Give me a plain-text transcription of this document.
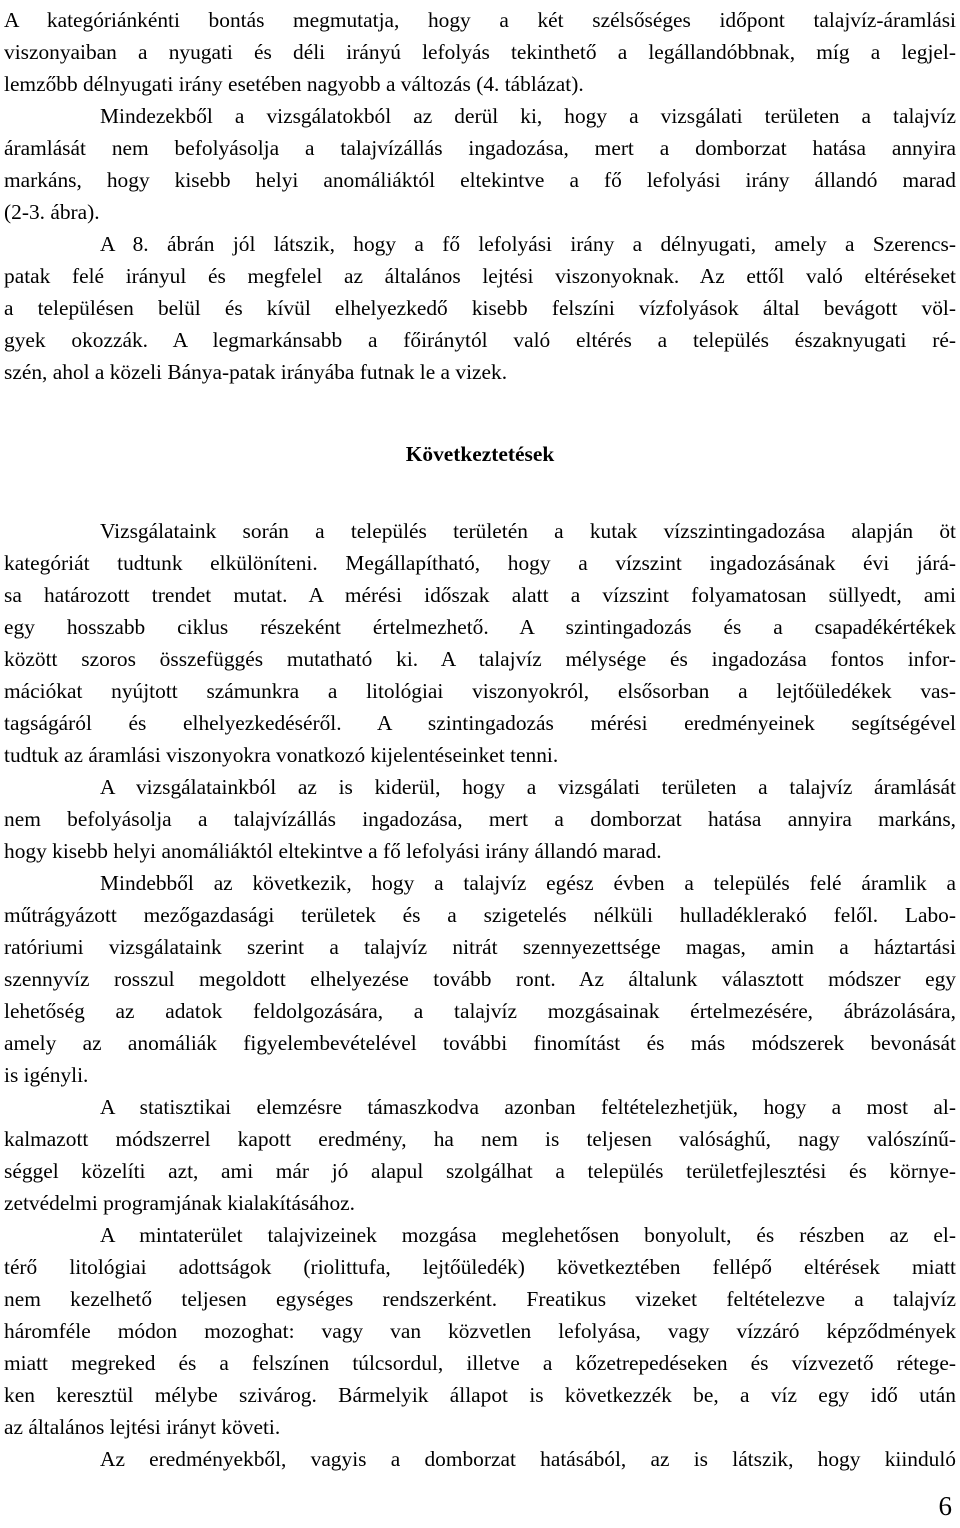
A kategóriánkénti bontás megmutatja, hogy a két szélsőséges időpont talajvíz-áramlási
viszonyaiban a nyugati és déli irányú lefolyás tekinthető a legállandóbbnak, míg a legjel-
lemzőbb délnyugati irány esetében nagyobb a változás (4. táblázat).
Mindezekből a vizsgálatokból az derül ki, hogy a vizsgálati területen a talajvíz
áramlását nem befolyásolja a talajvízállás ingadozása, mert a domborzat hatása annyira
markáns, hogy kisebb helyi anomáliáktól eltekintve a fő lefolyási irány állandó marad
(2-3. ábra).
A 8. ábrán jól látszik, hogy a fő lefolyási irány a délnyugati, amely a Szerencs-
patak felé irányul és megfelel az általános lejtési viszonyoknak. Az ettől való eltéréseket
a településen belül és kívül elhelyezkedő kisebb felszíni vízfolyások által bevágott völ-
gyek okozzák. A legmarkánsabb a főiránytól való eltérés a település északnyugati ré-
szén, ahol a közeli Bánya-patak irányába futnak le a vizek.
Következtetések
Vizsgálataink során a település területén a kutak vízszintingadozása alapján öt
kategóriát tudtunk elkülöníteni. Megállapítható, hogy a vízszint ingadozásának évi járá-
sa határozott trendet mutat. A mérési időszak alatt a vízszint folyamatosan süllyedt, ami
egy hosszabb ciklus részeként értelmezhető. A szintingadozás és a csapadékértékek
között szoros összefüggés mutatható ki. A talajvíz mélysége és ingadozása fontos infor-
mációkat nyújtott számunkra a litológiai viszonyokról, elsősorban a lejtőüledékek vas-
tagságáról és elhelyezkedéséről. A szintingadozás mérési eredményeinek segítségével
tudtuk az áramlási viszonyokra vonatkozó kijelentéseinket tenni.
A vizsgálatainkból az is kiderül, hogy a vizsgálati területen a talajvíz áramlását
nem befolyásolja a talajvízállás ingadozása, mert a domborzat hatása annyira markáns,
hogy kisebb helyi anomáliáktól eltekintve a fő lefolyási irány állandó marad.
Mindebből az következik, hogy a talajvíz egész évben a település felé áramlik a
műtrágyázott mezőgazdasági területek és a szigetelés nélküli hulladéklerakó felől. Labo-
ratóriumi vizsgálataink szerint a talajvíz nitrát szennyezettsége magas, amin a háztartási
szennyvíz rosszul megoldott elhelyezése tovább ront. Az általunk választott módszer egy
lehetőség az adatok feldolgozására, a talajvíz mozgásainak értelmezésére, ábrázolására,
amely az anomáliák figyelembevételével további finomítást és más módszerek bevonását
is igényli.
A statisztikai elemzésre támaszkodva azonban feltételezhetjük, hogy a most al-
kalmazott módszerrel kapott eredmény, ha nem is teljesen valósághű, nagy valószínű-
séggel közelíti azt, ami már jó alapul szolgálhat a település területfejlesztési és környe-
zetvédelmi programjának kialakításához.
A mintaterület talajvizeinek mozgása meglehetősen bonyolult, és részben az el-
térő litológiai adottságok (riolittufa, lejtőüledék) következtében fellépő eltérések miatt
nem kezelhető teljesen egységes rendszerként. Freatikus vizeket feltételezve a talajvíz
háromféle módon mozoghat: vagy van közvetlen lefolyása, vagy vízzáró képződmények
miatt megreked és a felszínen túlcsordul, illetve a kőzetrepedéseken és vízvezető rétege-
ken keresztül mélybe szivárog. Bármelyik állapot is következzék be, a víz egy idő után
az általános lejtési irányt követi.
Az eredményekből, vagyis a domborzat hatásából, az is látszik, hogy kiinduló
6
